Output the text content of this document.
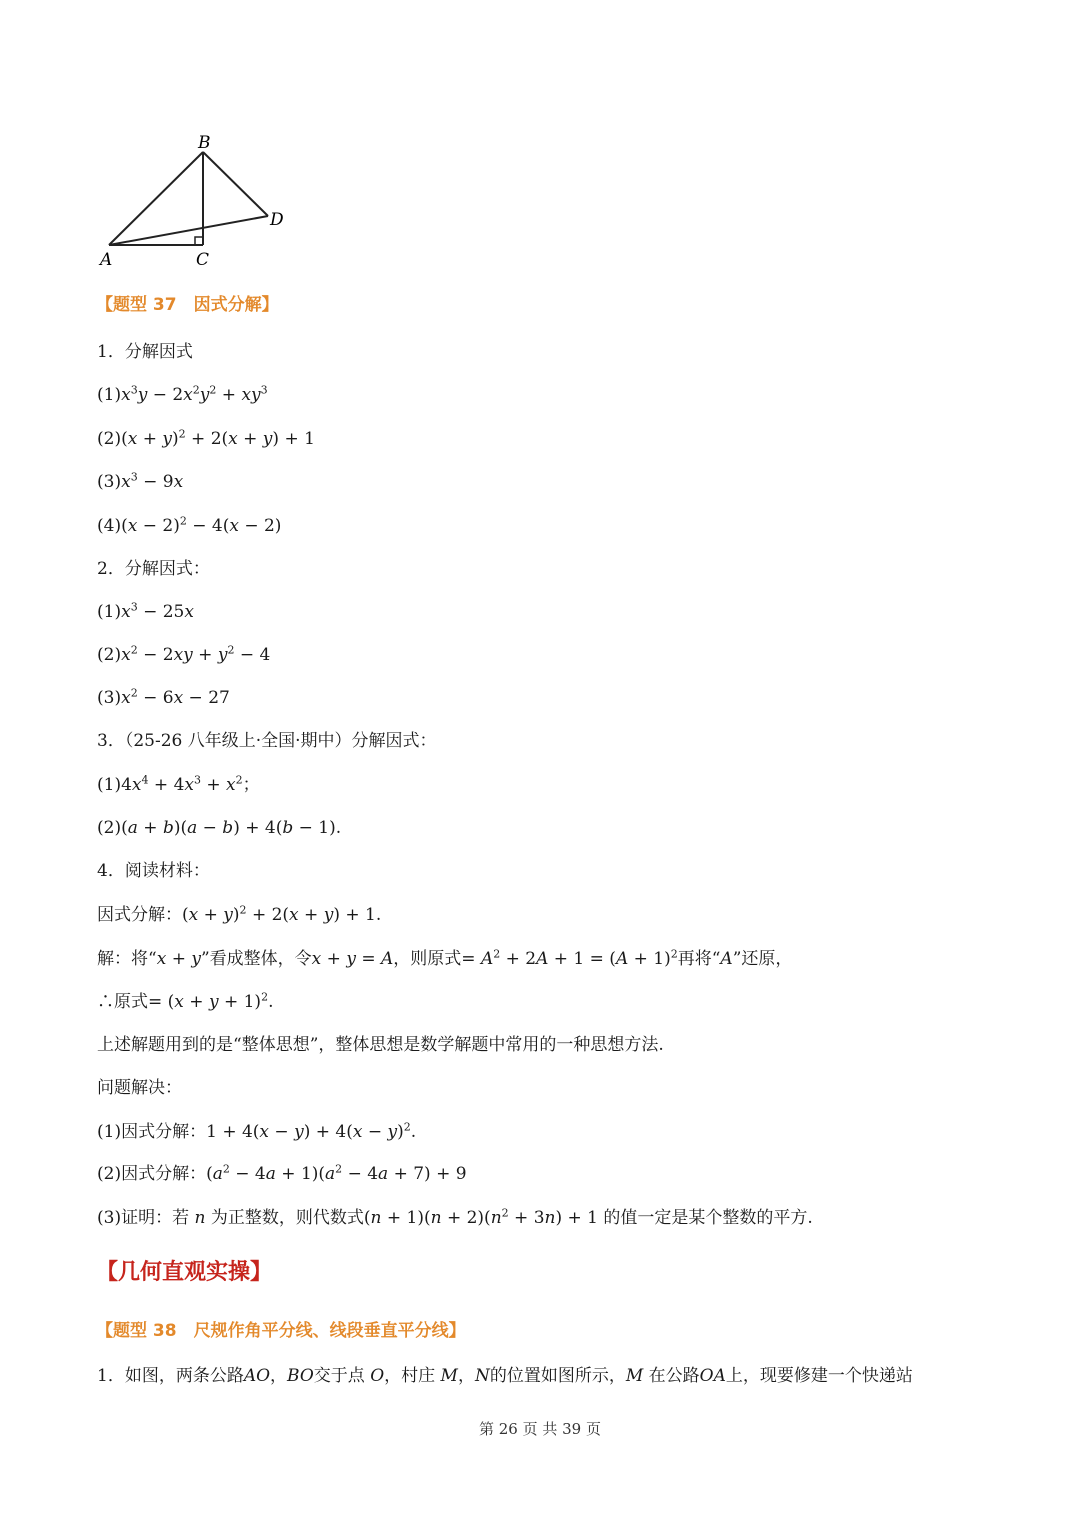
A
B
C
D
【题型 37　因式分解】
1．分解因式
$(1)x^3y - 2x^2y^2 + xy^3$
$(2)(x + y)^2 + 2(x + y) + 1$
$(3)x^3 - 9x$
$(4)(x - 2)^2 - 4(x - 2)$
2．分解因式：
$(1)x^3 - 25x$
$(2)x^2 - 2xy + y^2 - 4$
$(3)x^2 - 6x - 27$
3．（25-26 八年级上·全国·期中）分解因式：
$(1)4x^4 + 4x^3 + x^2$；
(2)(a + b)(a − b) + 4(b − 1).
4．阅读材料：
因式分解：$(x + y)^2 + 2(x + y) + 1$.
解：将“x + y”看成整体，令x + y = A，则原式= $A^2 + 2A + 1 = (A + 1)^2$再将“A”还原，
∴原式= $(x + y + 1)^2$.
上述解题用到的是“整体思想”，整体思想是数学解题中常用的一种思想方法.
问题解决：
(1)因式分解：$1 + 4(x - y) + 4(x - y)^2$.
(2)因式分解：$(a^2 - 4a + 1)(a^2 - 4a + 7) + 9$
(3)证明：若 n 为正整数，则代数式$(n + 1)(n + 2)(n^2 + 3n) + 1$ 的值一定是某个整数的平方.
【几何直观实操】
【题型 38　尺规作角平分线、线段垂直平分线】
1．如图，两条公路AO，BO交于点 O，村庄 M，N的位置如图所示，M 在公路OA上，现要修建一个快递站
第 26 页 共 39 页
